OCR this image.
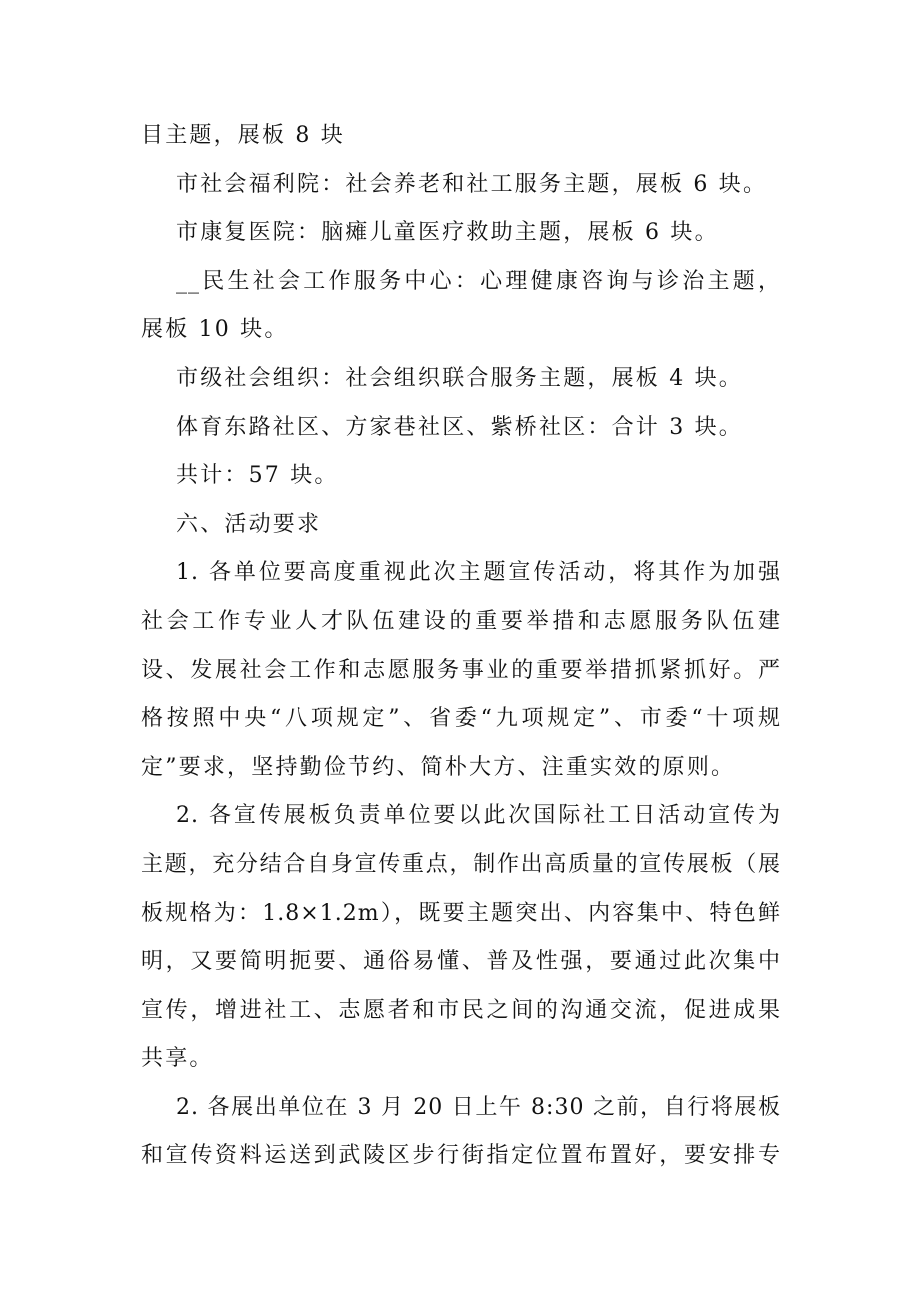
目主题，展板 8 块
市社会福利院：社会养老和社工服务主题，展板 6 块。
市康复医院：脑瘫儿童医疗救助主题，展板 6 块。
__民生社会工作服务中心：心理健康咨询与诊治主题，
展板 10 块。
市级社会组织：社会组织联合服务主题，展板 4 块。
体育东路社区、方家巷社区、紫桥社区：合计 3 块。
共计：57 块。
六、活动要求
1. 各单位要高度重视此次主题宣传活动，将其作为加强
社会工作专业人才队伍建设的重要举措和志愿服务队伍建
设、发展社会工作和志愿服务事业的重要举措抓紧抓好。严
格按照中央“八项规定”、省委“九项规定”、市委“十项规
定”要求，坚持勤俭节约、简朴大方、注重实效的原则。
2. 各宣传展板负责单位要以此次国际社工日活动宣传为
主题，充分结合自身宣传重点，制作出高质量的宣传展板（展
板规格为：1.8×1.2m），既要主题突出、内容集中、特色鲜
明，又要简明扼要、通俗易懂、普及性强，要通过此次集中
宣传，增进社工、志愿者和市民之间的沟通交流，促进成果
共享。
2. 各展出单位在 3 月 20 日上午 8:30 之前，自行将展板
和宣传资料运送到武陵区步行街指定位置布置好，要安排专
